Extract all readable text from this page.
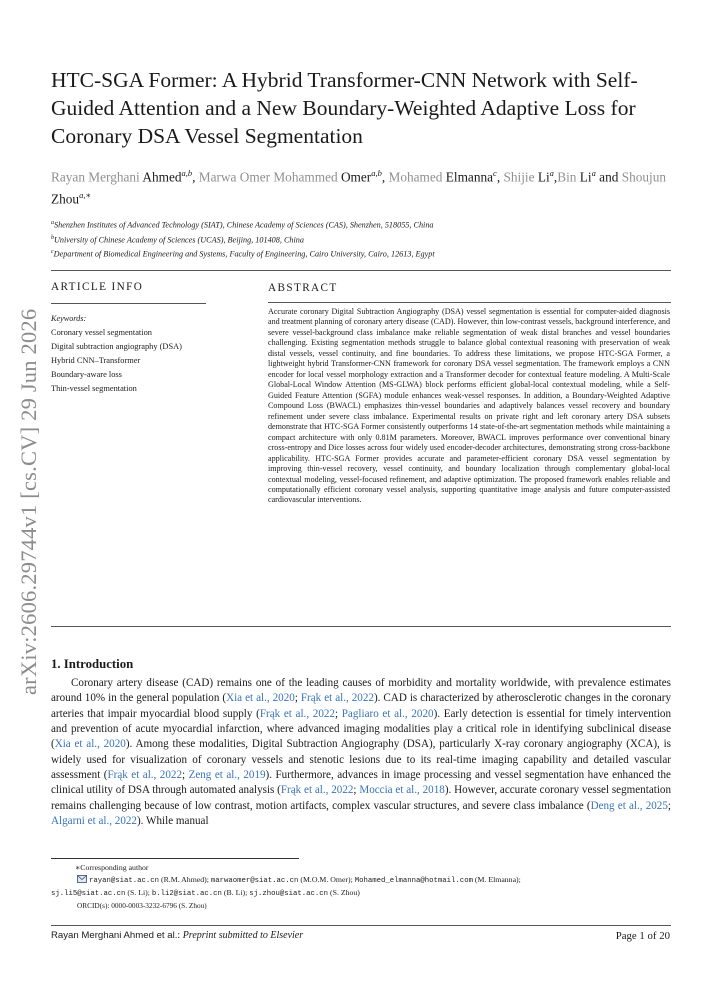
arXiv:2606.29744v1 [cs.CV] 29 Jun 2026
HTC-SGA Former: A Hybrid Transformer-CNN Network with Self-Guided Attention and a New Boundary-Weighted Adaptive Loss for Coronary DSA Vessel Segmentation
Rayan Merghani Ahmed$^{a,b}$, Marwa Omer Mohammed Omer$^{a,b}$, Mohamed Elmanna$^c$, Shijie Li$^a$,Bin Li$^a$ and Shoujun Zhou$^{a,∗}$
$^a$Shenzhen Institutes of Advanced Technology (SIAT), Chinese Academy of Sciences (CAS), Shenzhen, 518055, China
$^b$University of Chinese Academy of Sciences (UCAS), Beijing, 101408, China
$^c$Department of Biomedical Engineering and Systems, Faculty of Engineering, Cairo University, Cairo, 12613, Egypt
ARTICLE INFO
Keywords:
Coronary vessel segmentation
Digital subtraction angiography (DSA)
Hybrid CNN–Transformer
Boundary-aware loss
Thin-vessel segmentation
ABSTRACT
Accurate coronary Digital Subtraction Angiography (DSA) vessel segmentation is essential for computer-aided diagnosis and treatment planning of coronary artery disease (CAD). However, thin low-contrast vessels, background interference, and severe vessel-background class imbalance make reliable segmentation of weak distal branches and vessel boundaries challenging. Existing segmentation methods struggle to balance global contextual reasoning with preservation of weak distal vessels, vessel continuity, and fine boundaries. To address these limitations, we propose HTC-SGA Former, a lightweight hybrid Transformer-CNN framework for coronary DSA vessel segmentation. The framework employs a CNN encoder for local vessel morphology extraction and a Transformer decoder for contextual feature modeling. A Multi-Scale Global-Local Window Attention (MS-GLWA) block performs efficient global-local contextual modeling, while a Self-Guided Feature Attention (SGFA) module enhances weak-vessel responses. In addition, a Boundary-Weighted Adaptive Compound Loss (BWACL) emphasizes thin-vessel boundaries and adaptively balances vessel recovery and boundary refinement under severe class imbalance. Experimental results on private right and left coronary artery DSA subsets demonstrate that HTC-SGA Former consistently outperforms 14 state-of-the-art segmentation methods while maintaining a compact architecture with only 0.81M parameters. Moreover, BWACL improves performance over conventional binary cross-entropy and Dice losses across four widely used encoder-decoder architectures, demonstrating strong cross-backbone applicability. HTC-SGA Former provides accurate and parameter-efficient coronary DSA vessel segmentation by improving thin-vessel recovery, vessel continuity, and boundary localization through complementary global-local contextual modeling, vessel-focused refinement, and adaptive optimization. The proposed framework enables reliable and computationally efficient coronary vessel analysis, supporting quantitative image analysis and future computer-assisted cardiovascular interventions.
1. Introduction
Coronary artery disease (CAD) remains one of the leading causes of morbidity and mortality worldwide, with prevalence estimates around 10% in the general population (Xia et al., 2020; Frąk et al., 2022). CAD is characterized by atherosclerotic changes in the coronary arteries that impair myocardial blood supply (Frąk et al., 2022; Pagliaro et al., 2020). Early detection is essential for timely intervention and prevention of acute myocardial infarction, where advanced imaging modalities play a critical role in identifying subclinical disease (Xia et al., 2020). Among these modalities, Digital Subtraction Angiography (DSA), particularly X-ray coronary angiography (XCA), is widely used for visualization of coronary vessels and stenotic lesions due to its real-time imaging capability and detailed vascular assessment (Frąk et al., 2022; Zeng et al., 2019). Furthermore, advances in image processing and vessel segmentation have enhanced the clinical utility of DSA through automated analysis (Frąk et al., 2022; Moccia et al., 2018). However, accurate coronary vessel segmentation remains challenging because of low contrast, motion artifacts, complex vascular structures, and severe class imbalance (Deng et al., 2025; Algarni et al., 2022). While manual
∗Corresponding author
rayan@siat.ac.cn (R.M. Ahmed); marwaomer@siat.ac.cn (M.O.M. Omer); Mohamed_elmanna@hotmail.com (M. Elmanna);
sj.li5@siat.ac.cn (S. Li); b.li2@siat.ac.cn (B. Li); sj.zhou@siat.ac.cn (S. Zhou)
ORCID(s): 0000-0003-3232-6796 (S. Zhou)
Rayan Merghani Ahmed et al.: Preprint submitted to Elsevier	Page 1 of 20
